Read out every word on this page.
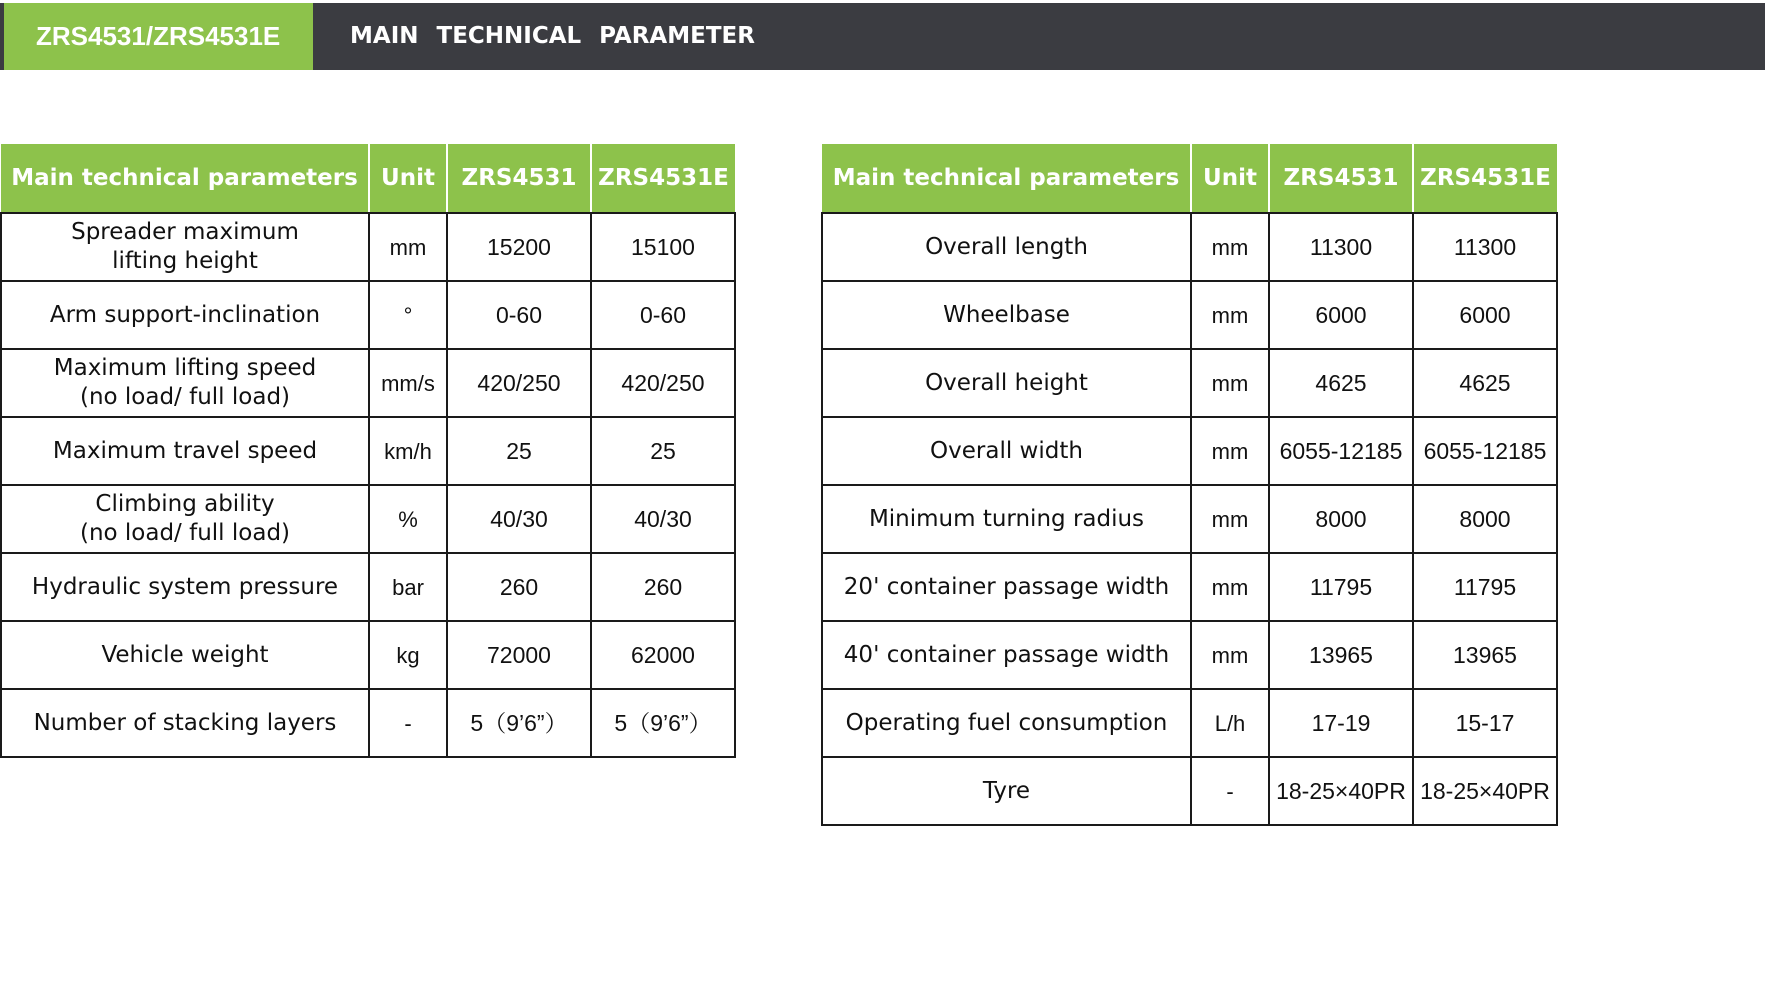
ZRS4531/ZRS4531E	MAIN TECHNICAL PARAMETER
Main technical parameters	Unit	ZRS4531	ZRS4531E
Spreader maximum
lifting height	mm	15200	15100
Arm support-inclination	°	0-60	0-60
Maximum lifting speed
(no load/ full load)	mm/s	420/250	420/250
Maximum travel speed	km/h	25	25
Climbing ability
(no load/ full load)	%	40/30	40/30
Hydraulic system pressure	bar	260	260
Vehicle weight	kg	72000	62000
Number of stacking layers	-	5（9’6”）	5（9’6”）
Main technical parameters	Unit	ZRS4531	ZRS4531E
Overall length	mm	11300	11300
Wheelbase	mm	6000	6000
Overall height	mm	4625	4625
Overall width	mm	6055-12185	6055-12185
Minimum turning radius	mm	8000	8000
20' container passage width	mm	11795	11795
40' container passage width	mm	13965	13965
Operating fuel consumption	L/h	17-19	15-17
Tyre	-	18-25×40PR	18-25×40PR
